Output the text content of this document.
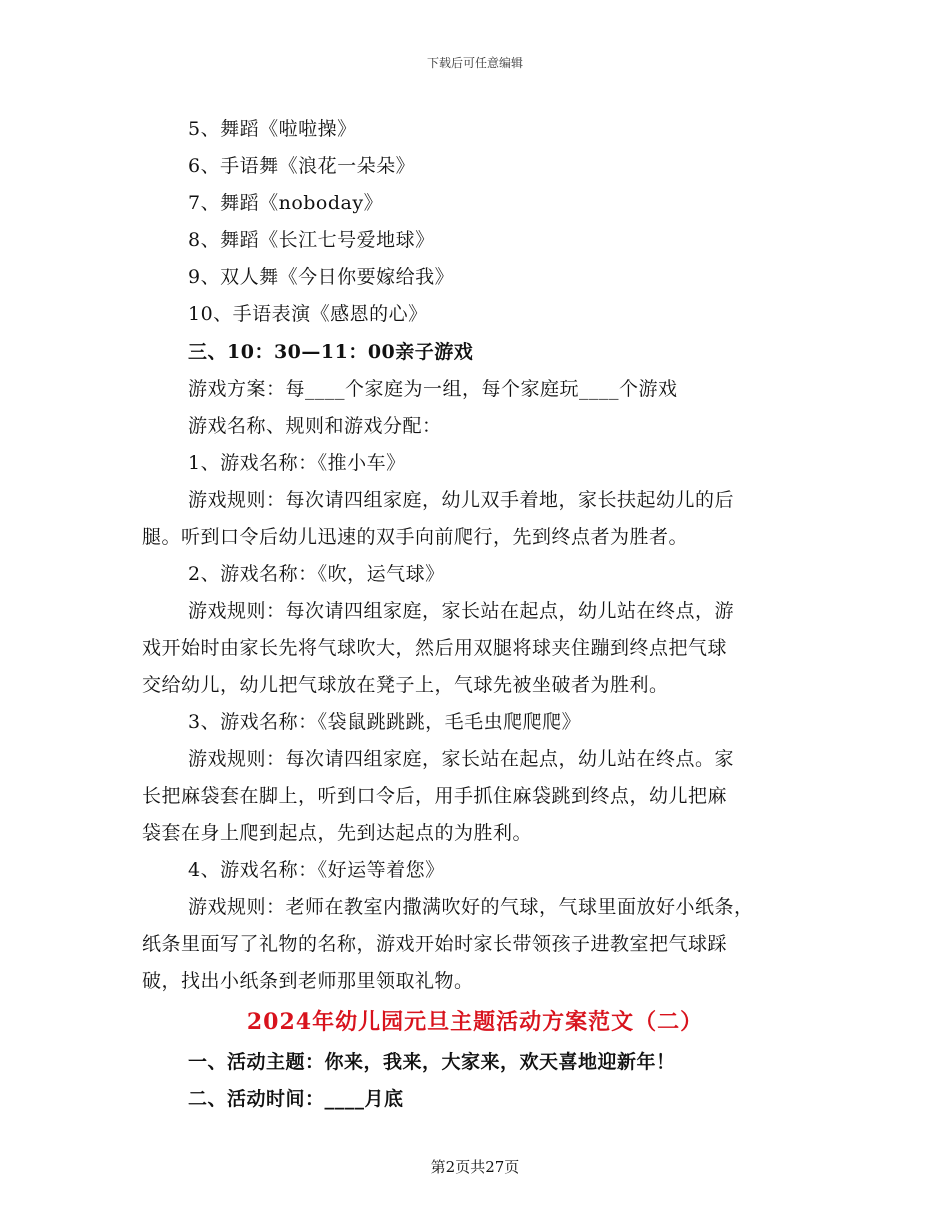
下载后可任意编辑
5、舞蹈《啦啦操》
6、手语舞《浪花一朵朵》
7、舞蹈《noboday》
8、舞蹈《长江七号爱地球》
9、双人舞《今日你要嫁给我》
10、手语表演《感恩的心》
三、10：30—11：00亲子游戏
游戏方案：每____个家庭为一组，每个家庭玩____个游戏
游戏名称、规则和游戏分配：
1、游戏名称：《推小车》
游戏规则：每次请四组家庭，幼儿双手着地，家长扶起幼儿的后
腿。听到口令后幼儿迅速的双手向前爬行，先到终点者为胜者。
2、游戏名称：《吹，运气球》
游戏规则：每次请四组家庭，家长站在起点，幼儿站在终点，游
戏开始时由家长先将气球吹大，然后用双腿将球夹住蹦到终点把气球
交给幼儿，幼儿把气球放在凳子上，气球先被坐破者为胜利。
3、游戏名称：《袋鼠跳跳跳，毛毛虫爬爬爬》
游戏规则：每次请四组家庭，家长站在起点，幼儿站在终点。家
长把麻袋套在脚上，听到口令后，用手抓住麻袋跳到终点，幼儿把麻
袋套在身上爬到起点，先到达起点的为胜利。
4、游戏名称：《好运等着您》
游戏规则：老师在教室内撒满吹好的气球，气球里面放好小纸条，
纸条里面写了礼物的名称，游戏开始时家长带领孩子进教室把气球踩
破，找出小纸条到老师那里领取礼物。
2024年幼儿园元旦主题活动方案范文（二）
一、活动主题：你来，我来，大家来，欢天喜地迎新年！
二、活动时间：____月底
第2页共27页
